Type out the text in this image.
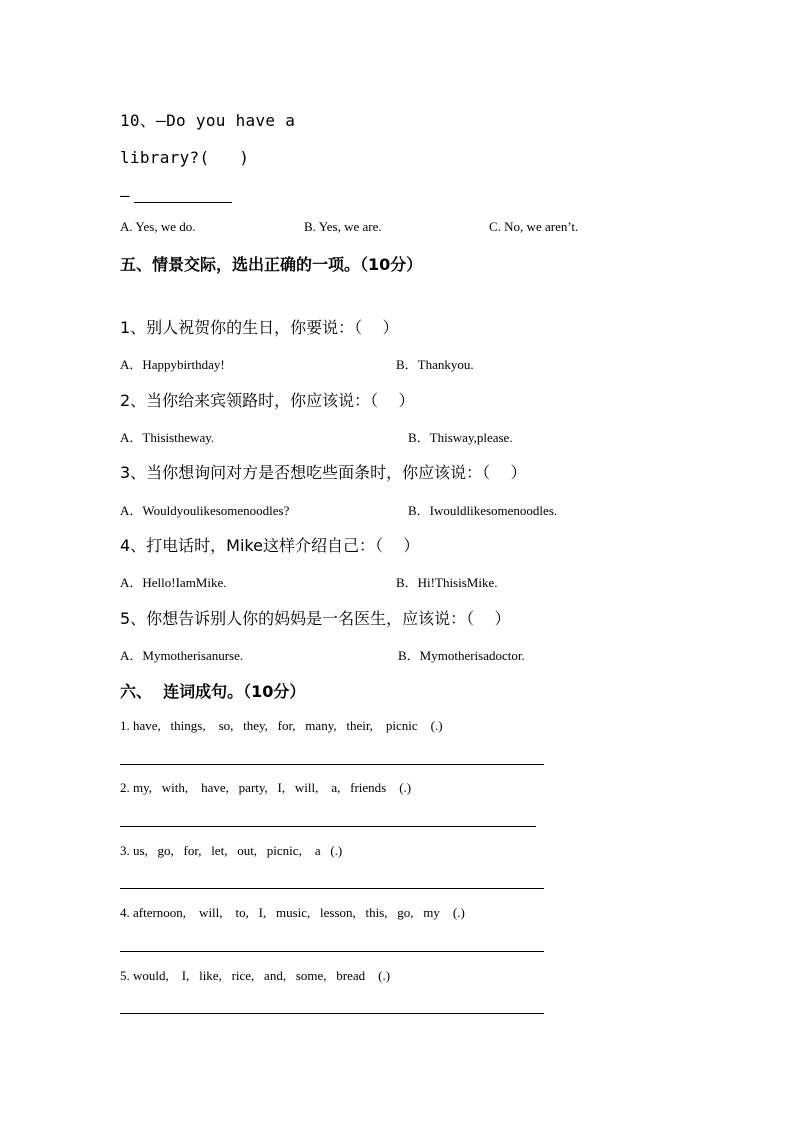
10、—Do you have a
library?(   )
—
A. Yes, we do.	B. Yes, we are.	C. No, we aren’t.
五、情景交际，选出正确的一项。（10分）
1、别人祝贺你的生日，你要说：（    ）
A．Happybirthday!	B．Thankyou.
2、当你给来宾领路时，你应该说：（    ）
A．Thisistheway.	B．Thisway,please.
3、当你想询问对方是否想吃些面条时，你应该说：（    ）
A．Wouldyoulikesomenoodles?	B．Iwouldlikesomenoodles.
4、打电话时，Mike这样介绍自己：（    ）
A．Hello!IamMike.	B．Hi!ThisisMike.
5、你想告诉别人你的妈妈是一名医生，应该说：（    ）
A．Mymotherisanurse.	B．Mymotherisadoctor.
六、  连词成句。（10分）
1. have,   things,    so,   they,   for,   many,   their,    picnic    (.)
2. my,   with,    have,   party,   I,   will,    a,   friends    (.)
3. us,   go,   for,   let,   out,   picnic,    a   (.)
4. afternoon,    will,    to,   I,   music,   lesson,   this,   go,   my    (.)
5. would,    I,   like,   rice,   and,   some,   bread    (.)
